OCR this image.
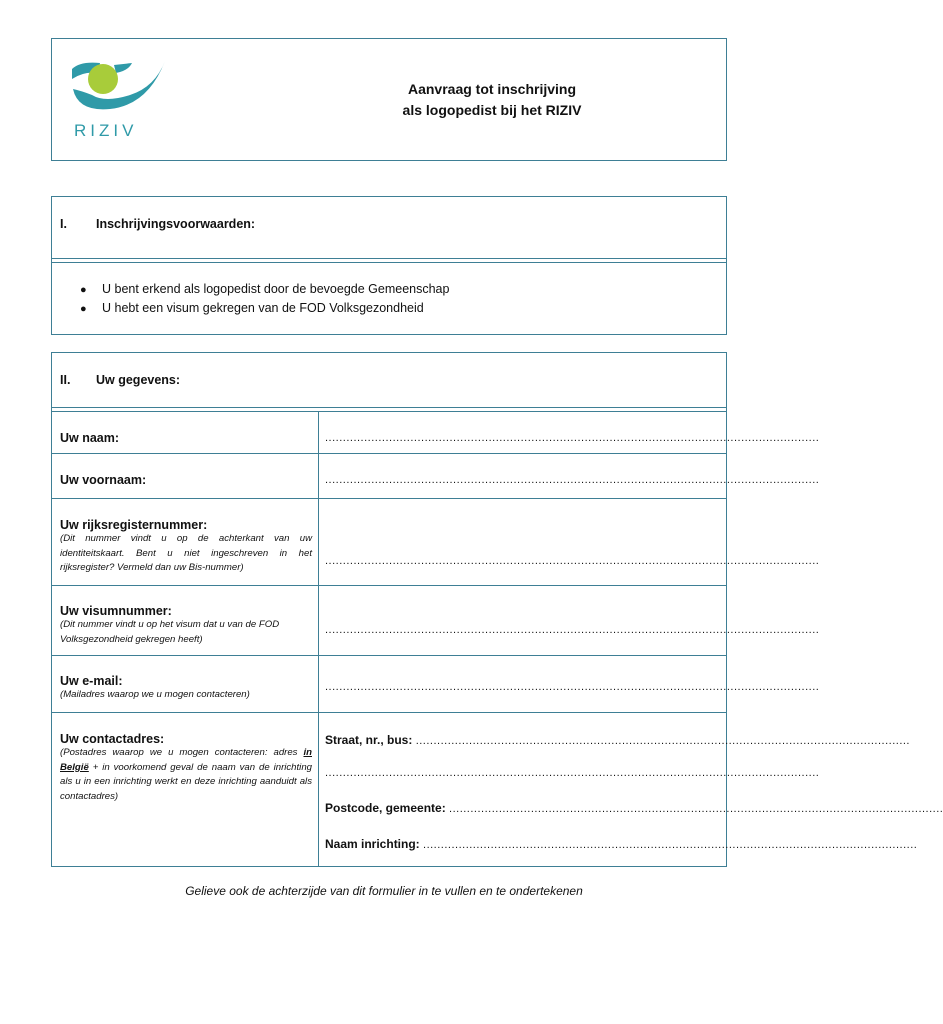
RIZIV
Aanvraag tot inschrijving
als logopedist bij het RIZIV
I. Inschrijvingsvoorwaarden:
● U bent erkend als logopedist door de bevoegde Gemeenschap
● U hebt een visum gekregen van de FOD Volksgezondheid
II. Uw gegevens:
Uw naam:	...........................................................................................................................................
Uw voornaam:	...........................................................................................................................................
Uw rijksregisternummer:
(Dit nummer vindt u op de achterkant van uw identiteitskaart. Bent u niet ingeschreven in het rijksregister? Vermeld dan uw Bis-nummer)
...........................................................................................................................................
Uw visumnummer:
(Dit nummer vindt u op het visum dat u van de FOD Volksgezondheid gekregen heeft)
...........................................................................................................................................
Uw e-mail:
(Mailadres waarop we u mogen contacteren)
...........................................................................................................................................
Uw contactadres:
(Postadres waarop we u mogen contacteren: adres in België + in voorkomend geval de naam van de inrichting als u in een inrichting werkt en deze inrichting aanduidt als contactadres)
Straat, nr., bus: ...........................................................................................................................................
...........................................................................................................................................
Postcode, gemeente: ...........................................................................................................................................
Naam inrichting: ...........................................................................................................................................
Gelieve ook de achterzijde van dit formulier in te vullen en te ondertekenen
